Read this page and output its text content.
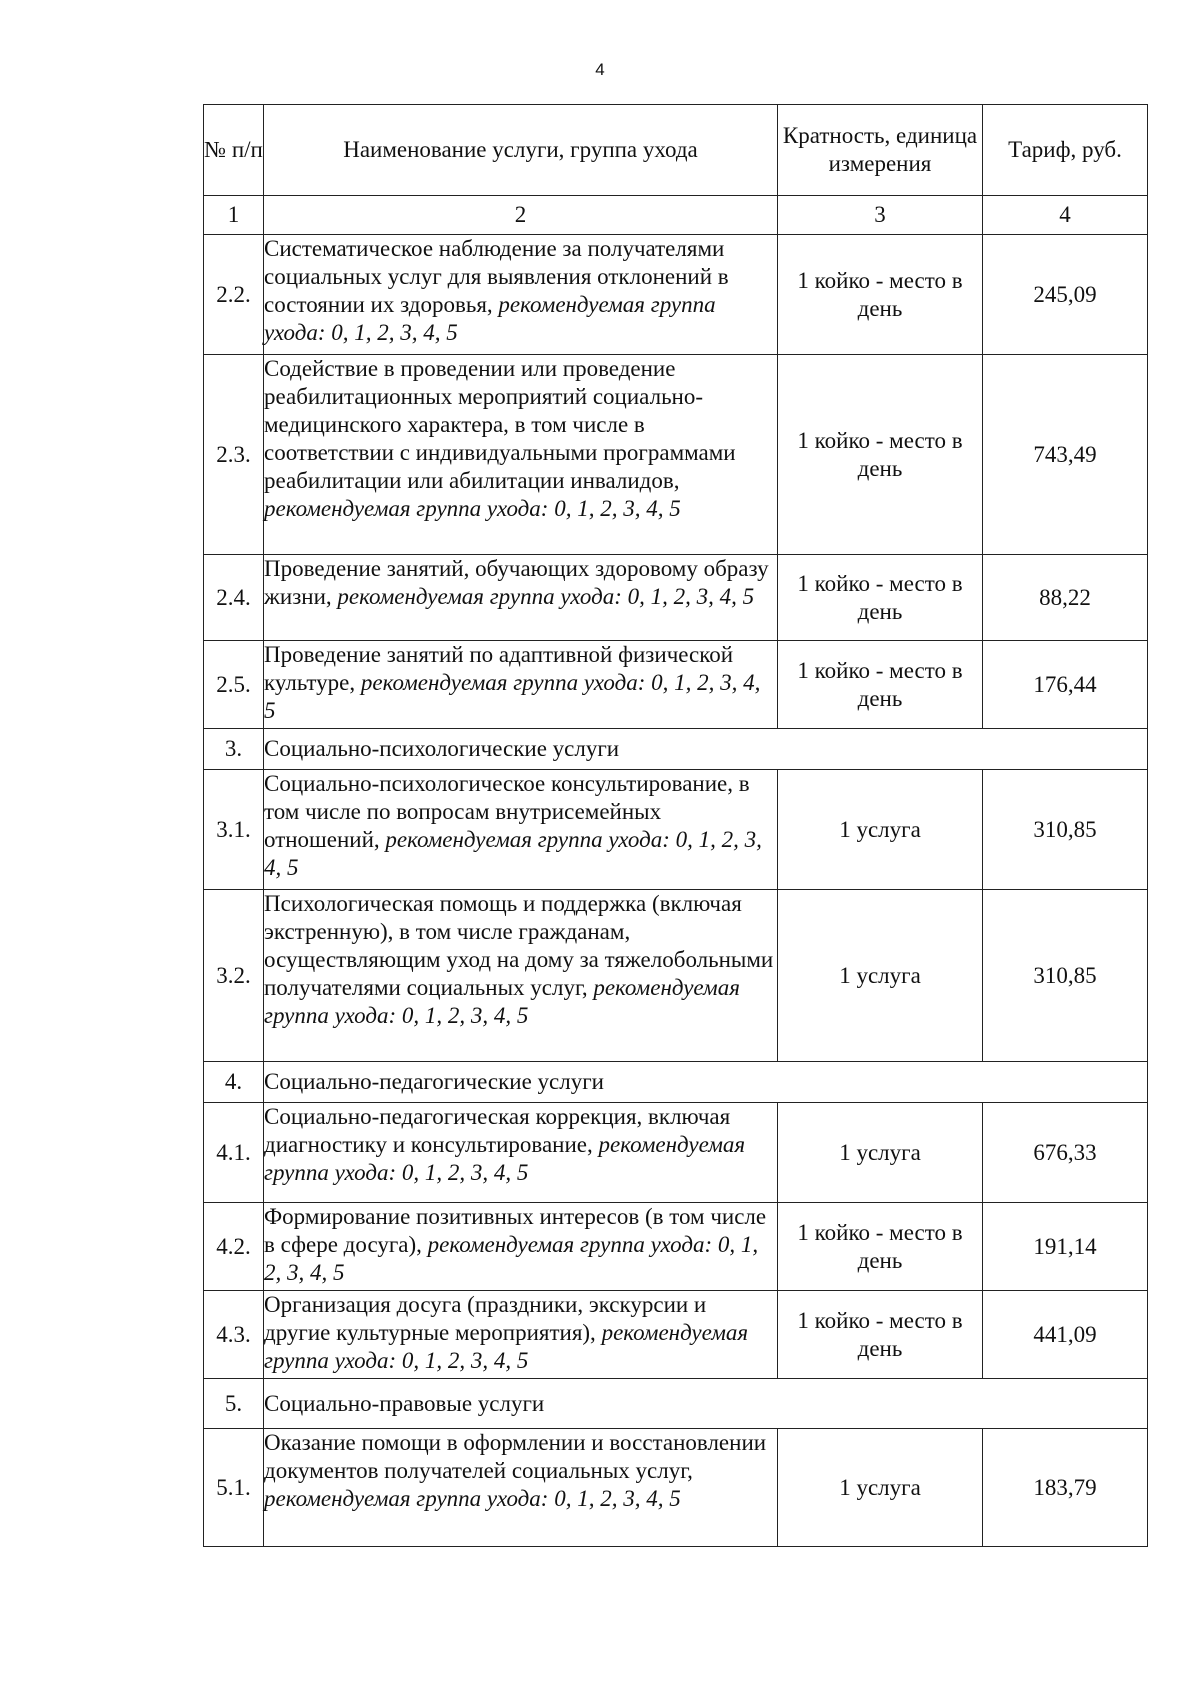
4
№ п/п	Наименование услуги, группа ухода	Кратность, единица измерения	Тариф, руб.
1	2	3	4
2.2.	Систематическое наблюдение за получателями социальных услуг для выявления отклонений в состоянии их здоровья, рекомендуемая группа ухода: 0, 1, 2, 3, 4, 5	1 койко - место в день	245,09
2.3.	Содействие в проведении или проведение реабилитационных мероприятий социально-медицинского характера, в том числе в соответствии с индивидуальными программами реабилитации или абилитации инвалидов, рекомендуемая группа ухода: 0, 1, 2, 3, 4, 5	1 койко - место в день	743,49
2.4.	Проведение занятий, обучающих здоровому образу жизни, рекомендуемая группа ухода: 0, 1, 2, 3, 4, 5	1 койко - место в день	88,22
2.5.	Проведение занятий по адаптивной физической культуре, рекомендуемая группа ухода: 0, 1, 2, 3, 4, 5	1 койко - место в день	176,44
3.	Социально-психологические услуги		
3.1.	Социально-психологическое консультирование, в том числе по вопросам внутрисемейных отношений, рекомендуемая группа ухода: 0, 1, 2, 3, 4, 5	1 услуга	310,85
3.2.	Психологическая помощь и поддержка (включая экстренную), в том числе гражданам, осуществляющим уход на дому за тяжелобольными получателями социальных услуг, рекомендуемая группа ухода: 0, 1, 2, 3, 4, 5	1 услуга	310,85
4.	Социально-педагогические услуги		
4.1.	Социально-педагогическая коррекция, включая диагностику и консультирование, рекомендуемая группа ухода: 0, 1, 2, 3, 4, 5	1 услуга	676,33
4.2.	Формирование позитивных интересов (в том числе в сфере досуга), рекомендуемая группа ухода: 0, 1, 2, 3, 4, 5	1 койко - место в день	191,14
4.3.	Организация досуга (праздники, экскурсии и другие культурные мероприятия), рекомендуемая группа ухода: 0, 1, 2, 3, 4, 5	1 койко - место в день	441,09
5.	Социально-правовые услуги		
5.1.	Оказание помощи в оформлении и восстановлении документов получателей социальных услуг, рекомендуемая группа ухода: 0, 1, 2, 3, 4, 5	1 услуга	183,79
